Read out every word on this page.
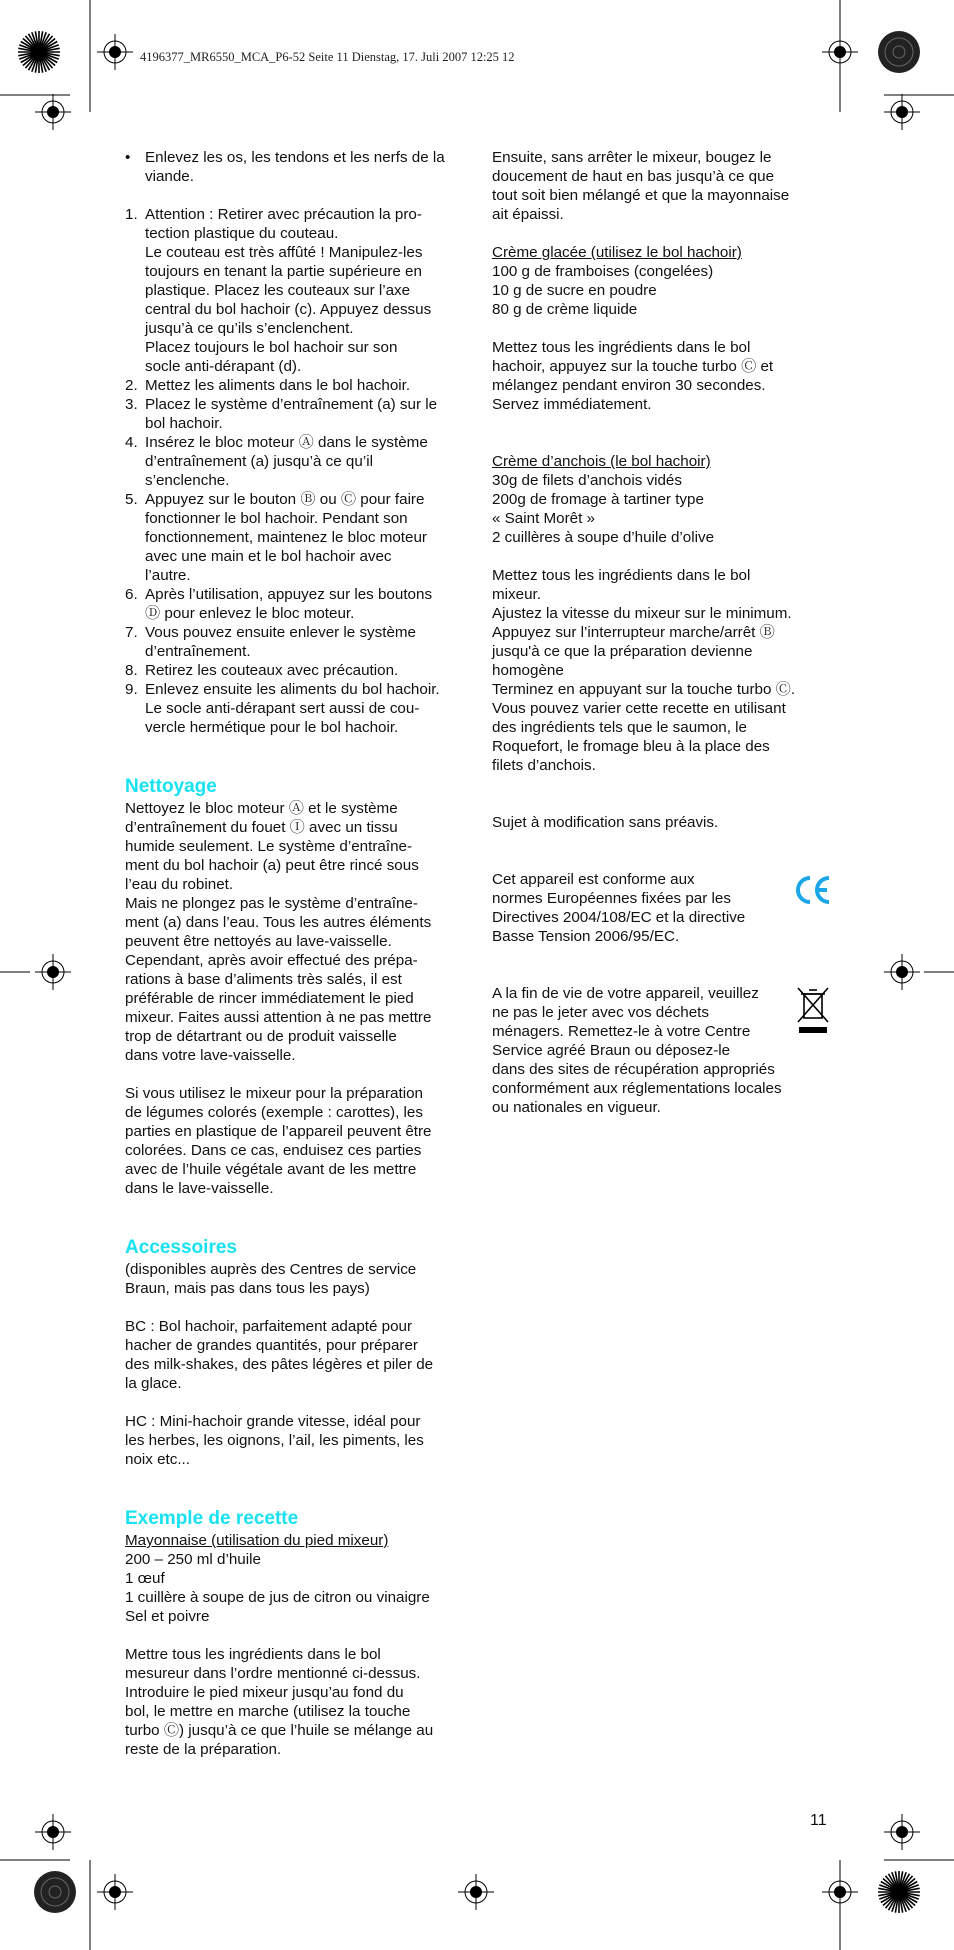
4196377_MR6550_MCA_P6-52 Seite 11 Dienstag, 17. Juli 2007 12:25 12
• Enlevez les os, les tendons et les nerfs de la viande.
1. Attention : Retirer avec précaution la pro-
tection plastique du couteau.
Le couteau est très affûté ! Manipulez-les
toujours en tenant la partie supérieure en
plastique. Placez les couteaux sur l’axe
central du bol hachoir (c). Appuyez dessus
jusqu’à ce qu’ils s’enclenchent.
Placez toujours le bol hachoir sur son
socle anti-dérapant (d).
2. Mettez les aliments dans le bol hachoir.
3. Placez le système d’entraînement (a) sur le
bol hachoir.
4. Insérez le bloc moteur Ⓐ dans le système
d’entraînement (a) jusqu’à ce qu’il
s’enclenche.
5. Appuyez sur le bouton Ⓑ ou Ⓒ pour faire
fonctionner le bol hachoir. Pendant son
fonctionnement, maintenez le bloc moteur
avec une main et le bol hachoir avec
l’autre.
6. Après l’utilisation, appuyez sur les boutons
Ⓓ pour enlevez le bloc moteur.
7. Vous pouvez ensuite enlever le système
d’entraînement.
8. Retirez les couteaux avec précaution.
9. Enlevez ensuite les aliments du bol hachoir.
Le socle anti-dérapant sert aussi de cou-
vercle hermétique pour le bol hachoir.
Nettoyage

Nettoyez le bloc moteur Ⓐ et le système
d’entraînement du fouet Ⓘ avec un tissu
humide seulement. Le système d’entraîne-
ment du bol hachoir (a) peut être rincé sous
l’eau du robinet.
Mais ne plongez pas le système d’entraîne-
ment (a) dans l’eau. Tous les autres éléments
peuvent être nettoyés au lave-vaisselle.
Cependant, après avoir effectué des prépa-
rations à base d’aliments très salés, il est
préférable de rincer immédiatement le pied
mixeur. Faites aussi attention à ne pas mettre
trop de détartrant ou de produit vaisselle
dans votre lave-vaisselle.

Si vous utilisez le mixeur pour la préparation
de légumes colorés (exemple : carottes), les
parties en plastique de l’appareil peuvent être
colorées. Dans ce cas, enduisez ces parties
avec de l’huile végétale avant de les mettre
dans le lave-vaisselle.

Accessoires

(disponibles auprès des Centres de service
Braun, mais pas dans tous les pays)

BC : Bol hachoir, parfaitement adapté pour
hacher de grandes quantités, pour préparer
des milk-shakes, des pâtes légères et piler de
la glace.

HC : Mini-hachoir grande vitesse, idéal pour
les herbes, les oignons, l’ail, les piments, les
noix etc...

Exemple de recette

Mayonnaise (utilisation du pied mixeur)

200 – 250 ml d’huile
1 œuf
1 cuillère à soupe de jus de citron ou vinaigre
Sel et poivre

Mettre tous les ingrédients dans le bol
mesureur dans l’ordre mentionné ci-dessus.
Introduire le pied mixeur jusqu’au fond du
bol, le mettre en marche (utilisez la touche
turbo Ⓒ) jusqu’à ce que l’huile se mélange au
reste de la préparation.

Ensuite, sans arrêter le mixeur, bougez le
doucement de haut en bas jusqu’à ce que
tout soit bien mélangé et que la mayonnaise
ait épaissi.

Crème glacée (utilisez le bol hachoir)

100 g de framboises (congelées)
10 g de sucre en poudre
80 g de crème liquide

Mettez tous les ingrédients dans le bol
hachoir, appuyez sur la touche turbo Ⓒ et
mélangez pendant environ 30 secondes.
Servez immédiatement.

Crème d’anchois (le bol hachoir)

30g de filets d’anchois vidés
200g de fromage à tartiner type
« Saint Morêt »
2 cuillères à soupe d’huile d’olive

Mettez tous les ingrédients dans le bol
mixeur.
Ajustez la vitesse du mixeur sur le minimum.
Appuyez sur l’interrupteur marche/arrêt Ⓑ
jusqu'à ce que la préparation devienne
homogène
Terminez en appuyant sur la touche turbo Ⓒ.
Vous pouvez varier cette recette en utilisant
des ingrédients tels que le saumon, le
Roquefort, le fromage bleu à la place des
filets d’anchois.

Sujet à modification sans préavis.

Cet appareil est conforme aux
normes Européennes fixées par les
Directives 2004/108/EC et la directive
Basse Tension 2006/95/EC.

A la fin de vie de votre appareil, veuillez
ne pas le jeter avec vos déchets
ménagers. Remettez-le à votre Centre
Service agréé Braun ou déposez-le
dans des sites de récupération appropriés
conformément aux réglementations locales
ou nationales en vigueur.

11
